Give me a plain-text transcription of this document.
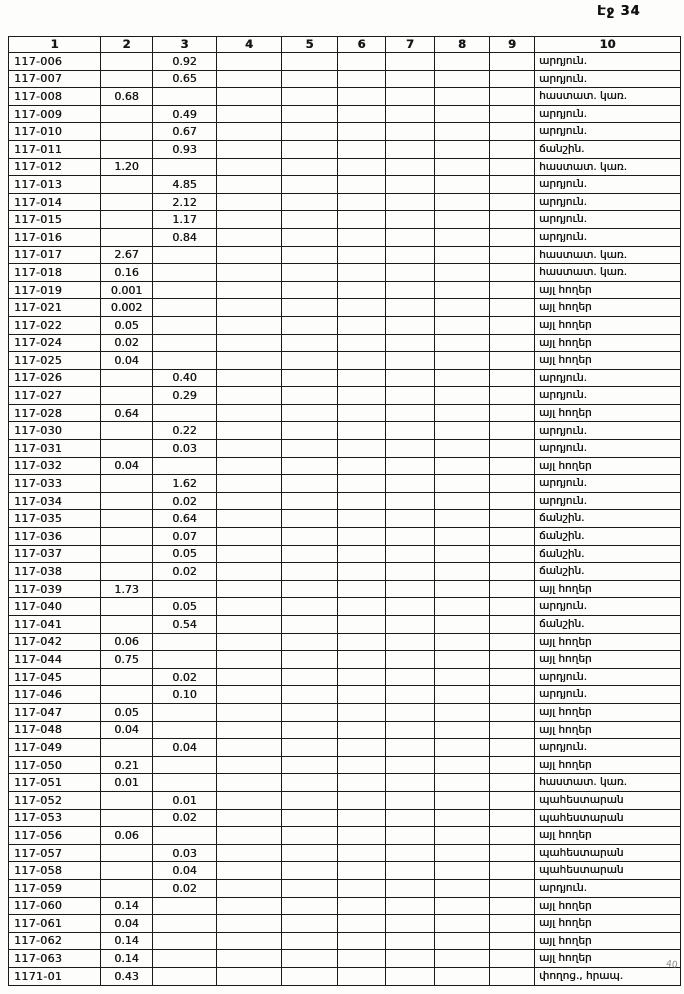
Էջ 34
1	2	3	4	5	6	7	8	9	10
117-006		0.92							արդյուն.
117-007		0.65							արդյուն.
117-008	0.68								հաստատ. կառ.
117-009		0.49							արդյուն.
117-010		0.67							արդյուն.
117-011		0.93							ճանշին.
117-012	1.20								հաստատ. կառ.
117-013		4.85							արդյուն.
117-014		2.12							արդյուն.
117-015		1.17							արդյուն.
117-016		0.84							արդյուն.
117-017	2.67								հաստատ. կառ.
117-018	0.16								հաստատ. կառ.
117-019	0.001								այլ հողեր
117-021	0.002								այլ հողեր
117-022	0.05								այլ հողեր
117-024	0.02								այլ հողեր
117-025	0.04								այլ հողեր
117-026		0.40							արդյուն.
117-027		0.29							արդյուն.
117-028	0.64								այլ հողեր
117-030		0.22							արդյուն.
117-031		0.03							արդյուն.
117-032	0.04								այլ հողեր
117-033		1.62							արդյուն.
117-034		0.02							արդյուն.
117-035		0.64							ճանշին.
117-036		0.07							ճանշին.
117-037		0.05							ճանշին.
117-038		0.02							ճանշին.
117-039	1.73								այլ հողեր
117-040		0.05							արդյուն.
117-041		0.54							ճանշին.
117-042	0.06								այլ հողեր
117-044	0.75								այլ հողեր
117-045		0.02							արդյուն.
117-046		0.10							արդյուն.
117-047	0.05								այլ հողեր
117-048	0.04								այլ հողեր
117-049		0.04							արդյուն.
117-050	0.21								այլ հողեր
117-051	0.01								հաստատ. կառ.
117-052		0.01							պահեստարան
117-053		0.02							պահեստարան
117-056	0.06								այլ հողեր
117-057		0.03							պահեստարան
117-058		0.04							պահեստարան
117-059		0.02							արդյուն.
117-060	0.14								այլ հողեր
117-061	0.04								այլ հողեր
117-062	0.14								այլ հողեր
117-063	0.14								այլ հողեր
1171-01	0.43								փողոց., հրապ.
40
